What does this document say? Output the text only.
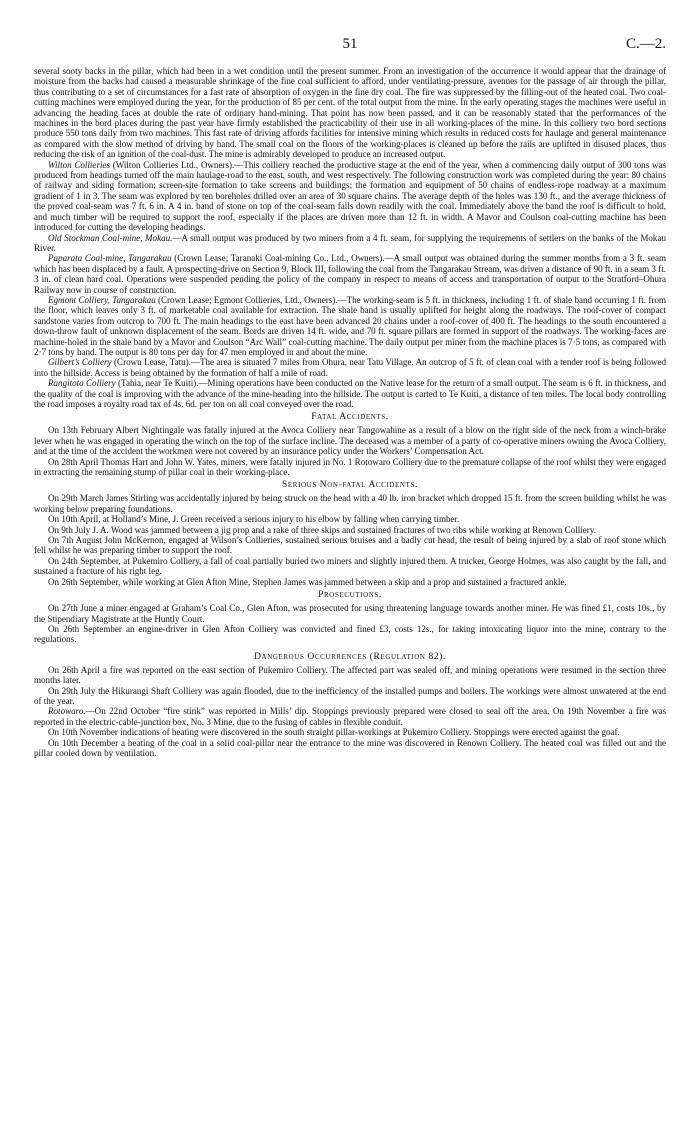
51	C.—2.

several sooty backs in the pillar, which had been in a wet condition until the present summer. From an investigation of the occurrence it would appear that the drainage of moisture from the backs had caused a measurable shrinkage of the fine coal sufficient to afford, under ventilating-pressure, avenues for the passage of air through the pillar, thus contributing to a set of circumstances for a fast rate of absorption of oxygen in the fine dry coal. The fire was suppressed by the filling-out of the heated coal. Two coal-cutting machines were employed during the year, for the production of 85 per cent. of the total output from the mine. In the early operating stages the machines were useful in advancing the heading faces at double the rate of ordinary hand-mining. That point has now been passed, and it can be reasonably stated that the performances of the machines in the bord places during the past year have firmly established the practicability of their use in all working-places of the mine. In this colliery two bord sections produce 550 tons daily from two machines. This fast rate of driving affords facilities for intensive mining which results in reduced costs for haulage and general maintenance as compared with the slow method of driving by hand. The small coal on the floors of the working-places is cleaned up before the rails are uplifted in disused places, thus reducing the risk of an ignition of the coal-dust. The mine is admirably developed to produce an increased output.

Wilton Collieries (Wilton Collieries Ltd., Owners).—This colliery reached the productive stage at the end of the year, when a commencing daily output of 300 tons was produced from headings turned off the main haulage-road to the east, south, and west respectively. The following construction work was completed during the year: 80 chains of railway and siding formation; screen-site formation to take screens and buildings; the formation and equipment of 50 chains of endless-rope roadway at a maximum gradient of 1 in 3. The seam was explored by ten boreholes drilled over an area of 30 square chains. The average depth of the holes was 130 ft., and the average thickness of the proved coal-seam was 7 ft. 6 in. A 4 in. band of stone on top of the coal-seam falls down readily with the coal. Immediately above the band the roof is difficult to hold, and much timber will be required to support the roof, especially if the places are driven more than 12 ft. in width. A Mavor and Coulson coal-cutting machine has been introduced for cutting the developing headings.

Old Stockman Coal-mine, Mokau.—A small output was produced by two miners from a 4 ft. seam, for supplying the requirements of settlers on the banks of the Mokau River.

Paparata Coal-mine, Tangarakau (Crown Lease; Taranaki Coal-mining Co., Ltd., Owners).—A small output was obtained during the summer months from a 3 ft. seam which has been displaced by a fault. A prospecting-drive on Section 9, Block III, following the coal from the Tangarakau Stream, was driven a distance of 90 ft. in a seam 3 ft. 3 in. of clean hard coal. Operations were suspended pending the policy of the company in respect to means of access and transportation of output to the Stratford–Ohura Railway now in course of construction.

Egmont Colliery, Tangarakau (Crown Lease; Egmont Collieries, Ltd., Owners).—The working-seam is 5 ft. in thickness, including 1 ft. of shale band occurring 1 ft. from the floor, which leaves only 3 ft. of marketable coal available for extraction. The shale band is usually uplifted for height along the roadways. The roof-cover of compact sandstone varies from outcrop to 700 ft. The main headings to the east have been advanced 20 chains under a roof-cover of 400 ft. The headings to the south encountered a down-throw fault of unknown displacement of the seam. Bords are driven 14 ft. wide, and 70 ft. square pillars are formed in support of the roadways. The working-faces are machine-holed in the shale band by a Mavor and Coulson “Arc Wall” coal-cutting machine. The daily output per miner from the machine places is 7·5 tons, as compared with 2·7 tons by hand. The output is 80 tons per day for 47 men employed in and about the mine.

Gilbert’s Colliery (Crown Lease, Tatu).—The area is situated 7 miles from Ohura, near Tatu Village. An outcrop of 5 ft. of clean coal with a tender roof is being followed into the hillside. Access is being obtained by the formation of half a mile of road.

Rangitoto Colliery (Tahia, near Te Kuiti).—Mining operations have been conducted on the Native lease for the return of a small output. The seam is 6 ft. in thickness, and the quality of the coal is improving with the advance of the mine-heading into the hillside. The output is carted to Te Kuiti, a distance of ten miles. The local body controlling the road imposes a royalty road tax of 4s. 6d. per ton on all coal conveyed over the road.

Fatal Accidents.

On 13th February Albert Nightingale was fatally injured at the Avoca Colliery near Tangowahine as a result of a blow on the right side of the neck from a winch-brake lever when he was engaged in operating the winch on the top of the surface incline. The deceased was a member of a party of co-operative miners owning the Avoca Colliery, and at the time of the accident the workmen were not covered by an insurance policy under the Workers’ Compensation Act.

On 28th April Thomas Hart and John W. Yates, miners, were fatally injured in No. 1 Rotowaro Colliery due to the premature collapse of the roof whilst they were engaged in extracting the remaining stump of pillar coal in their working-place.

Serious Non-fatal Accidents.

On 29th March James Stirling was accidentally injured by being struck on the head with a 40 lb. iron bracket which dropped 15 ft. from the screen building whilst he was working below preparing foundations.

On 10th April, at Holland’s Mine, J. Green received a serious injury to his elbow by falling when carrying timber.

On 9th July J. A. Wood was jammed between a jig prop and a rake of three skips and sustained fractures of two ribs while working at Renown Colliery.

On 7th August John McKernon, engaged at Wilson’s Collieries, sustained serious bruises and a badly cut head, the result of being injured by a slab of roof stone which fell whilst he was preparing timber to support the roof.

On 24th September, at Pukemiro Colliery, a fall of coal partially buried two miners and slightly injured them. A trucker, George Holmes, was also caught by the fall, and sustained a fracture of his right leg.

On 26th September, while working at Glen Afton Mine, Stephen James was jammed between a skip and a prop and sustained a fractured ankle.

Prosecutions.

On 27th June a miner engaged at Graham’s Coal Co., Glen Afton, was prosecuted for using threatening language towards another miner. He was fined £1, costs 10s., by the Stipendiary Magistrate at the Huntly Court.

On 26th September an engine-driver in Glen Afton Colliery was convicted and fined £3, costs 12s., for taking intoxicating liquor into the mine, contrary to the regulations.

Dangerous Occurrences (Regulation 82).

On 26th April a fire was reported on the east section of Pukemiro Colliery. The affected part was sealed off, and mining operations were resumed in the section three months later.

On 29th July the Hikurangi Shaft Colliery was again flooded, due to the inefficiency of the installed pumps and boilers. The workings were almost unwatered at the end of the year.

Rotowaro.—On 22nd October “fire stink” was reported in Mills’ dip. Stoppings previously prepared were closed to seal off the area. On 19th November a fire was reported in the electric-cable-junction box, No. 3 Mine, due to the fusing of cables in flexible conduit.

On 10th November indications of heating were discovered in the south straight pillar-workings at Pukemiro Colliery. Stoppings were erected against the goaf.

On 10th December a heating of the coal in a solid coal-pillar near the entrance to the mine was discovered in Renown Colliery. The heated coal was filled out and the pillar cooled down by ventilation.
